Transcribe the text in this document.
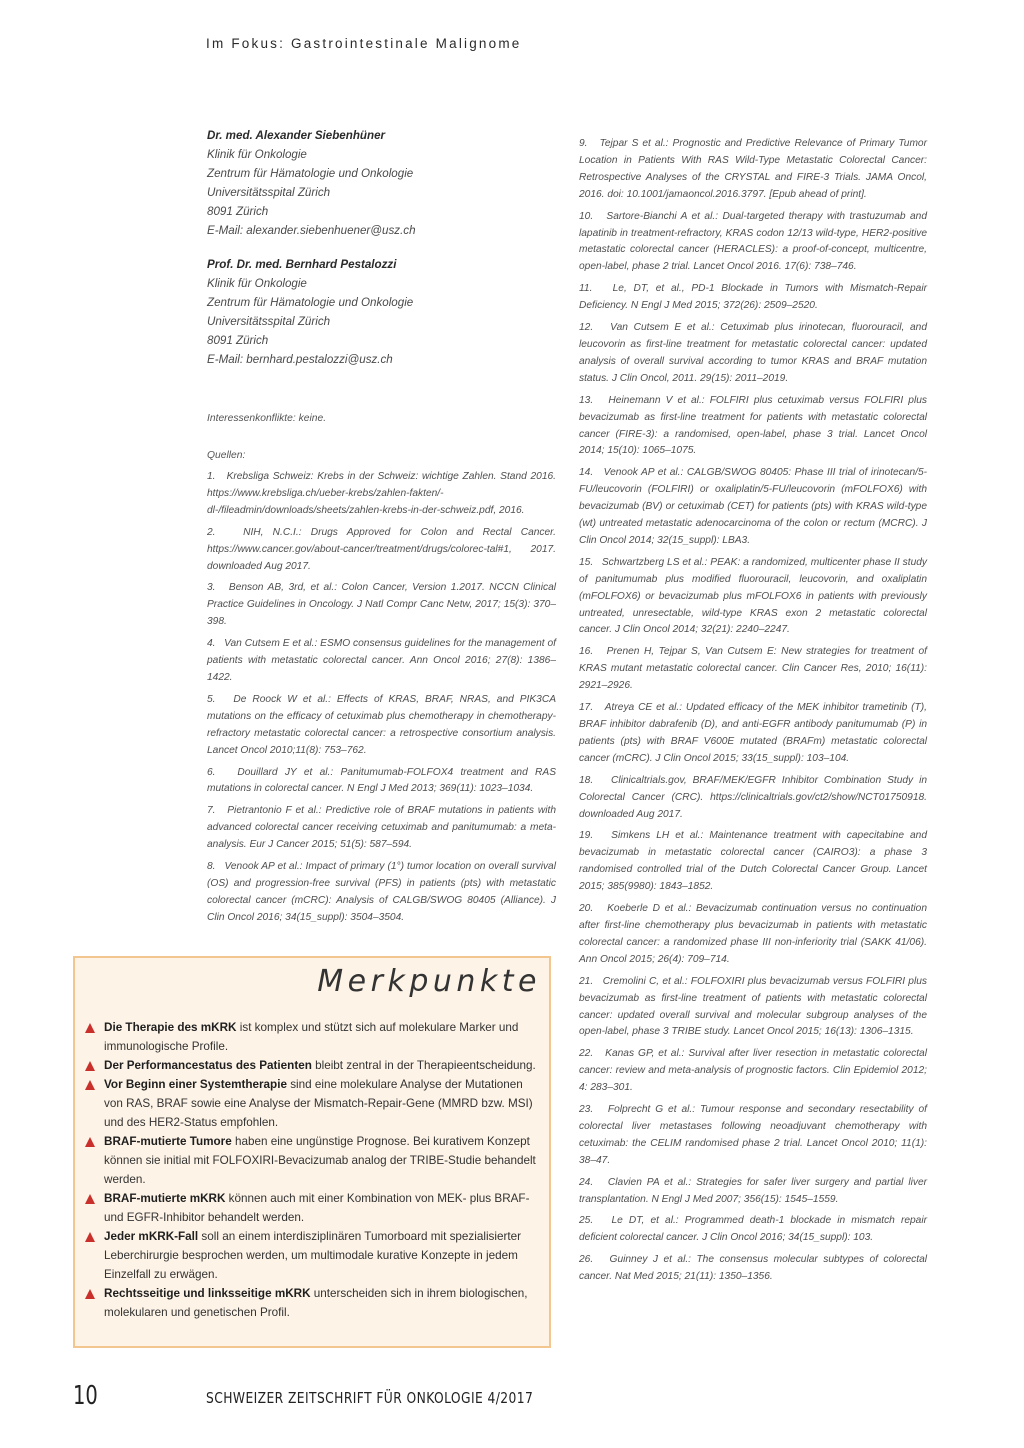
Im Fokus: Gastrointestinale Malignome
Dr. med. Alexander Siebenhüner
Klinik für Onkologie
Zentrum für Hämatologie und Onkologie
Universitätsspital Zürich
8091 Zürich
E-Mail: alexander.siebenhuener@usz.ch
Prof. Dr. med. Bernhard Pestalozzi
Klinik für Onkologie
Zentrum für Hämatologie und Onkologie
Universitätsspital Zürich
8091 Zürich
E-Mail: bernhard.pestalozzi@usz.ch
Interessenkonflikte: keine.
Quellen:
1.   Krebsliga Schweiz: Krebs in der Schweiz: wichtige Zahlen. Stand 2016. https://www.krebsliga.ch/ueber-krebs/zahlen-fakten/-dl-/fileadmin/downloads/sheets/zahlen-krebs-in-der-schweiz.pdf, 2016.
2.   NIH, N.C.I.: Drugs Approved for Colon and Rectal Cancer. https://www.cancer.gov/about-cancer/treatment/drugs/colorec-tal#1, 2017. downloaded Aug 2017.
3.   Benson AB, 3rd, et al.: Colon Cancer, Version 1.2017. NCCN Clinical Practice Guidelines in Oncology. J Natl Compr Canc Netw, 2017; 15(3): 370–398.
4.   Van Cutsem E et al.: ESMO consensus guidelines for the management of patients with metastatic colorectal cancer. Ann Oncol 2016; 27(8): 1386–1422.
5.   De Roock W et al.: Effects of KRAS, BRAF, NRAS, and PIK3CA mutations on the efficacy of cetuximab plus chemotherapy in chemotherapy-refractory metastatic colorectal cancer: a retrospective consortium analysis. Lancet Oncol 2010;11(8): 753–762.
6.   Douillard JY et al.: Panitumumab-FOLFOX4 treatment and RAS mutations in colorectal cancer. N Engl J Med 2013; 369(11): 1023–1034.
7.   Pietrantonio F et al.: Predictive role of BRAF mutations in patients with advanced colorectal cancer receiving cetuximab and panitumumab: a meta-analysis. Eur J Cancer 2015; 51(5): 587–594.
8.   Venook AP et al.: Impact of primary (1°) tumor location on overall survival (OS) and progression-free survival (PFS) in patients (pts) with metastatic colorectal cancer (mCRC): Analysis of CALGB/SWOG 80405 (Alliance). J Clin Oncol 2016; 34(15_suppl): 3504–3504.
9.   Tejpar S et al.: Prognostic and Predictive Relevance of Primary Tumor Location in Patients With RAS Wild-Type Metastatic Colorectal Cancer: Retrospective Analyses of the CRYSTAL and FIRE-3 Trials. JAMA Oncol, 2016. doi: 10.1001/jamaoncol.2016.3797. [Epub ahead of print].
10.   Sartore-Bianchi A et al.: Dual-targeted therapy with trastuzumab and lapatinib in treatment-refractory, KRAS codon 12/13 wild-type, HER2-positive metastatic colorectal cancer (HERACLES): a proof-of-concept, multicentre, open-label, phase 2 trial. Lancet Oncol 2016. 17(6): 738–746.
11.   Le, DT, et al., PD-1 Blockade in Tumors with Mismatch-Repair Deficiency. N Engl J Med 2015; 372(26): 2509–2520.
12.   Van Cutsem E et al.: Cetuximab plus irinotecan, fluorouracil, and leucovorin as first-line treatment for metastatic colorectal cancer: updated analysis of overall survival according to tumor KRAS and BRAF mutation status. J Clin Oncol, 2011. 29(15): 2011–2019.
13.   Heinemann V et al.: FOLFIRI plus cetuximab versus FOLFIRI plus bevacizumab as first-line treatment for patients with metastatic colorectal cancer (FIRE-3): a randomised, open-label, phase 3 trial. Lancet Oncol 2014; 15(10): 1065–1075.
14.   Venook AP et al.: CALGB/SWOG 80405: Phase III trial of irinotecan/5-FU/leucovorin (FOLFIRI) or oxaliplatin/5-FU/leucovorin (mFOLFOX6) with bevacizumab (BV) or cetuximab (CET) for patients (pts) with KRAS wild-type (wt) untreated metastatic adenocarcinoma of the colon or rectum (MCRC). J Clin Oncol 2014; 32(15_suppl): LBA3.
15.   Schwartzberg LS et al.: PEAK: a randomized, multicenter phase II study of panitumumab plus modified fluorouracil, leucovorin, and oxaliplatin (mFOLFOX6) or bevacizumab plus mFOLFOX6 in patients with previously untreated, unresectable, wild-type KRAS exon 2 metastatic colorectal cancer. J Clin Oncol 2014; 32(21): 2240–2247.
16.   Prenen H, Tejpar S, Van Cutsem E: New strategies for treatment of KRAS mutant metastatic colorectal cancer. Clin Cancer Res, 2010; 16(11): 2921–2926.
17.   Atreya CE et al.: Updated efficacy of the MEK inhibitor trametinib (T), BRAF inhibitor dabrafenib (D), and anti-EGFR antibody panitumumab (P) in patients (pts) with BRAF V600E mutated (BRAFm) metastatic colorectal cancer (mCRC). J Clin Oncol 2015; 33(15_suppl): 103–104.
18.   Clinicaltrials.gov, BRAF/MEK/EGFR Inhibitor Combination Study in Colorectal Cancer (CRC). https://clinicaltrials.gov/ct2/show/NCT01750918. downloaded Aug 2017.
19.   Simkens LH et al.: Maintenance treatment with capecitabine and bevacizumab in metastatic colorectal cancer (CAIRO3): a phase 3 randomised controlled trial of the Dutch Colorectal Cancer Group. Lancet 2015; 385(9980): 1843–1852.
20.   Koeberle D et al.: Bevacizumab continuation versus no continuation after first-line chemotherapy plus bevacizumab in patients with metastatic colorectal cancer: a randomized phase III non-inferiority trial (SAKK 41/06). Ann Oncol 2015; 26(4): 709–714.
21.   Cremolini C, et al.: FOLFOXIRI plus bevacizumab versus FOLFIRI plus bevacizumab as first-line treatment of patients with metastatic colorectal cancer: updated overall survival and molecular subgroup analyses of the open-label, phase 3 TRIBE study. Lancet Oncol 2015; 16(13): 1306–1315.
22.   Kanas GP, et al.: Survival after liver resection in metastatic colorectal cancer: review and meta-analysis of prognostic factors. Clin Epidemiol 2012; 4: 283–301.
23.   Folprecht G et al.: Tumour response and secondary resectability of colorectal liver metastases following neoadjuvant chemotherapy with cetuximab: the CELIM randomised phase 2 trial. Lancet Oncol 2010; 11(1): 38–47.
24.   Clavien PA et al.: Strategies for safer liver surgery and partial liver transplantation. N Engl J Med 2007; 356(15): 1545–1559.
25.   Le DT, et al.: Programmed death-1 blockade in mismatch repair deficient colorectal cancer. J Clin Oncol 2016; 34(15_suppl): 103.
26.   Guinney J et al.: The consensus molecular subtypes of colorectal cancer. Nat Med 2015; 21(11): 1350–1356.
Merkpunkte
Die Therapie des mKRK ist komplex und stützt sich auf molekulare Marker und immunologische Profile.
Der Performancestatus des Patienten bleibt zentral in der Therapieentscheidung.
Vor Beginn einer Systemtherapie sind eine molekulare Analyse der Mutationen von RAS, BRAF sowie eine Analyse der Mismatch-Repair-Gene (MMRD bzw. MSI) und des HER2-Status empfohlen.
BRAF-mutierte Tumore haben eine ungünstige Prognose. Bei kurativem Konzept können sie initial mit FOLFOXIRI-Bevacizumab analog der TRIBE-Studie behandelt werden.
BRAF-mutierte mKRK können auch mit einer Kombination von MEK- plus BRAF- und EGFR-Inhibitor behandelt werden.
Jeder mKRK-Fall soll an einem interdisziplinären Tumorboard mit spezialisierter Leberchirurgie besprochen werden, um multimodale kurative Konzepte in jedem Einzelfall zu erwägen.
Rechtsseitige und linksseitige mKRK unterscheiden sich in ihrem biologischen, molekularen und genetischen Profil.
10	SCHWEIZER ZEITSCHRIFT FÜR ONKOLOGIE 4/2017
